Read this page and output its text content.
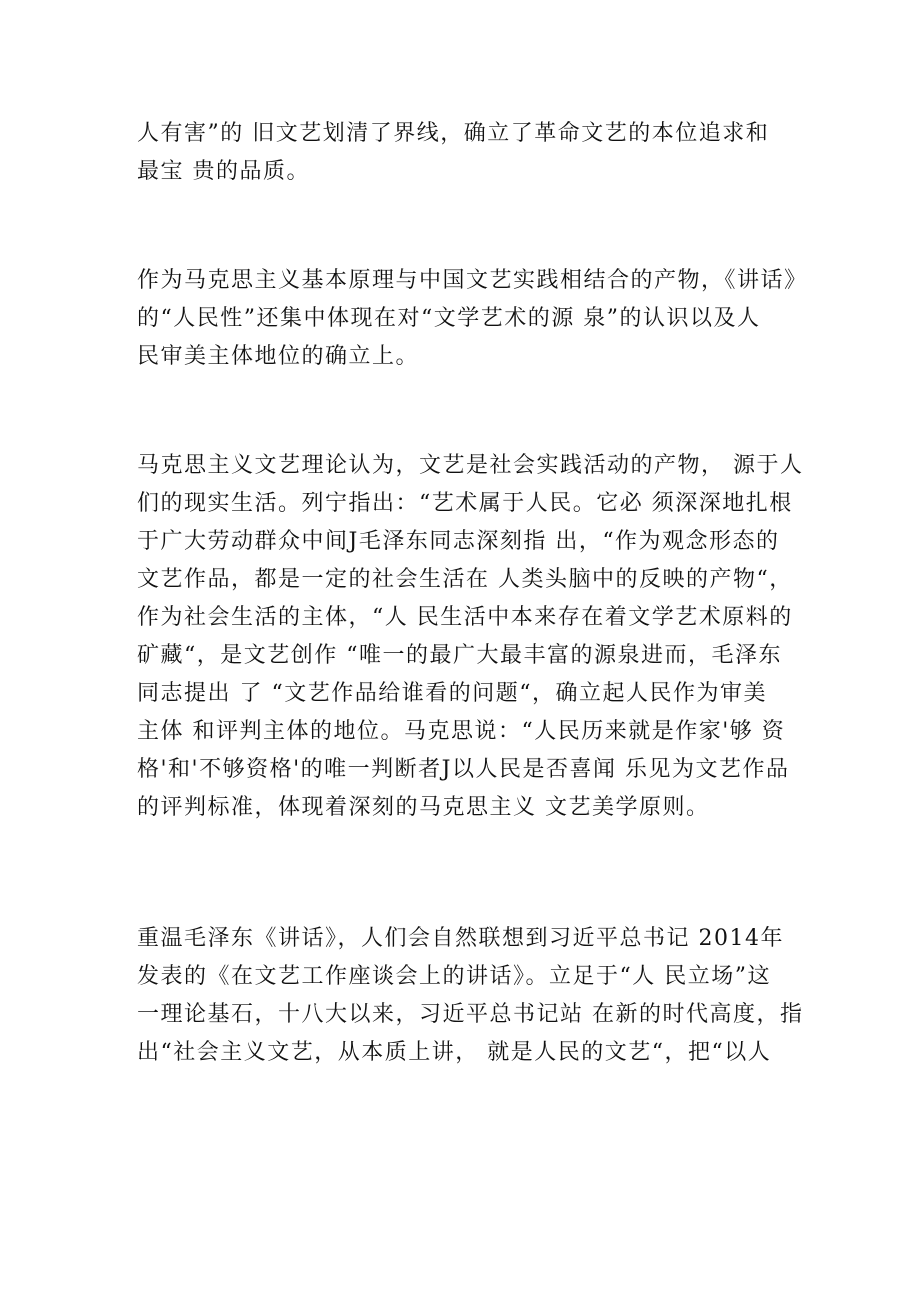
人有害”的 旧文艺划清了界线，确立了革命文艺的本位追求和
最宝 贵的品质。
作为马克思主义基本原理与中国文艺实践相结合的产物，《讲话》
的“人民性”还集中体现在对“文学艺术的源 泉”的认识以及人
民审美主体地位的确立上。
马克思主义文艺理论认为，文艺是社会实践活动的产物， 源于人
们的现实生活。列宁指出：“艺术属于人民。它必 须深深地扎根
于广大劳动群众中间J毛泽东同志深刻指 出，“作为观念形态的
文艺作品，都是一定的社会生活在 人类头脑中的反映的产物“，
作为社会生活的主体，“人 民生活中本来存在着文学艺术原料的
矿藏“，是文艺创作 “唯一的最广大最丰富的源泉进而，毛泽东
同志提出 了 “文艺作品给谁看的问题“，确立起人民作为审美
主体 和评判主体的地位。马克思说：“人民历来就是作家'够 资
格'和'不够资格'的唯一判断者J以人民是否喜闻 乐见为文艺作品
的评判标准，体现着深刻的马克思主义 文艺美学原则。
重温毛泽东《讲话》，人们会自然联想到习近平总书记 2014年
发表的《在文艺工作座谈会上的讲话》。立足于“人 民立场”这
一理论基石，十八大以来，习近平总书记站 在新的时代高度，指
出“社会主义文艺，从本质上讲， 就是人民的文艺“，把“以人
